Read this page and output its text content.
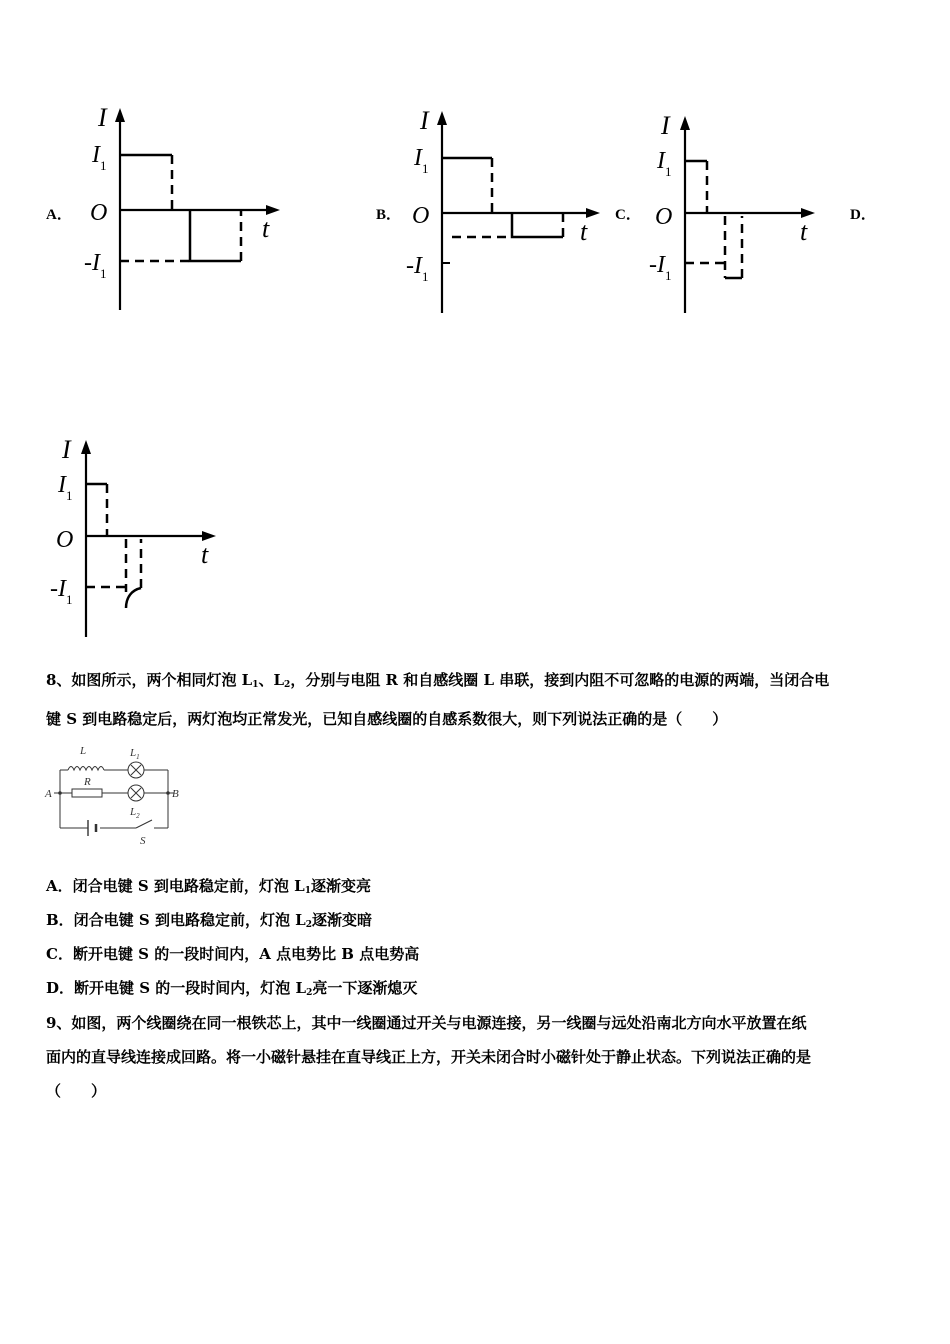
A．	B．	C．	D．
I
t
O
$I_1$
$-I_1$
I
t
O
$I_1$
$-I_1$
I
t
O
$I_1$
$-I_1$
I
t
O
$I_1$
$-I_1$
8、如图所示，两个相同灯泡 $L_1$、$L_2$，分别与电阻 R 和自感线圈 L 串联，接到内阻不可忽略的电源的两端，当闭合电
键 S 到电路稳定后，两灯泡均正常发光，已知自感线圈的自感系数很大，则下列说法正确的是（　　）
L	$L_1$
A
R
B
$L_2$
S
A．闭合电键 S 到电路稳定前，灯泡 $L_1$逐渐变亮
B．闭合电键 S 到电路稳定前，灯泡 $L_2$逐渐变暗
C．断开电键 S 的一段时间内，A 点电势比 B 点电势高
D．断开电键 S 的一段时间内，灯泡 $L_2$亮一下逐渐熄灭
9、如图，两个线圈绕在同一根铁芯上，其中一线圈通过开关与电源连接，另一线圈与远处沿南北方向水平放置在纸
面内的直导线连接成回路。将一小磁针悬挂在直导线正上方，开关未闭合时小磁针处于静止状态。下列说法正确的是
（　　）
